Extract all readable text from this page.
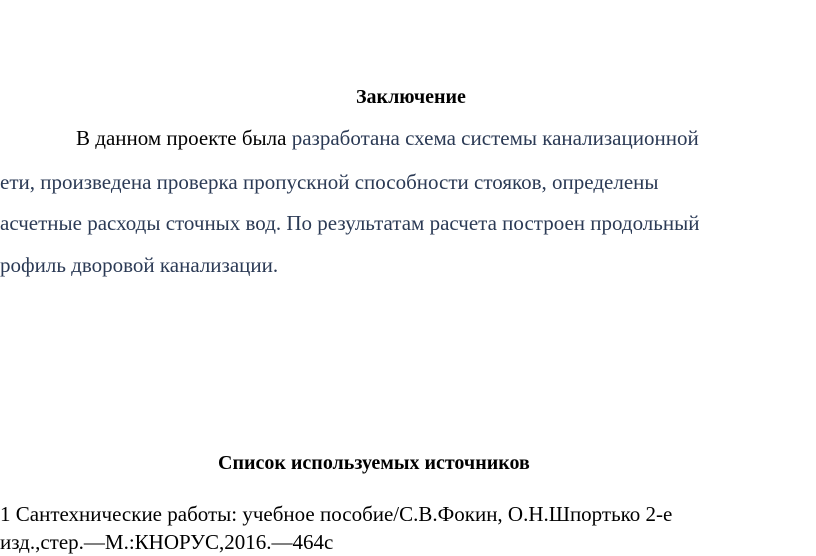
Заключение
В данном проекте была разработана схема системы канализационной
ети, произведена проверка пропускной способности стояков, определены
асчетные расходы сточных вод. По результатам расчета построен продольный
рофиль дворовой канализации.
Список используемых источников
1 Сантехнические работы: учебное пособие/С.В.Фокин, О.Н.Шпортько 2-е
изд.,стер.—М.:КНОРУС,2016.—464с
